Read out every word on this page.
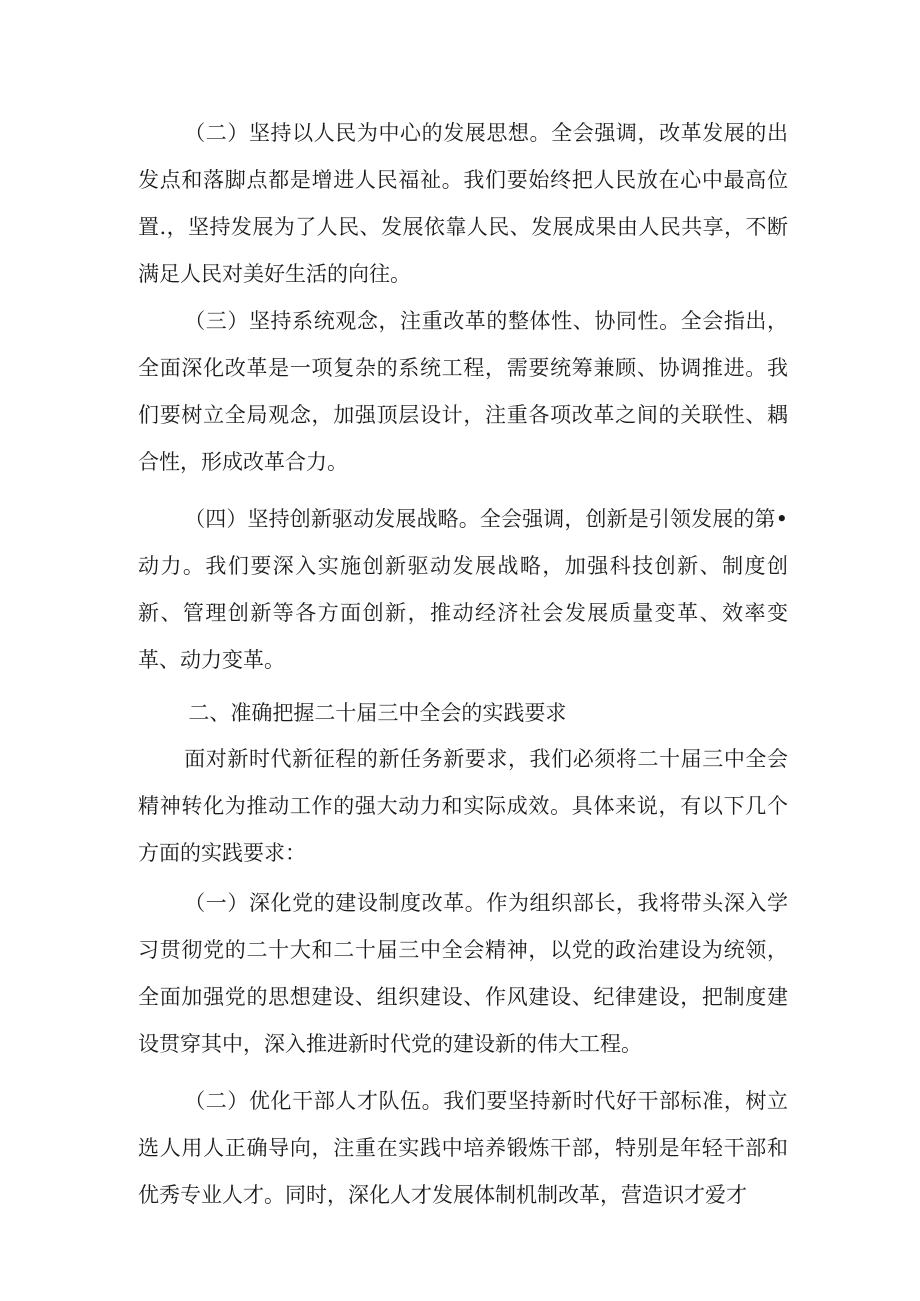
（二）坚持以人民为中心的发展思想。全会强调，改革发展的出发点和落脚点都是增进人民福祉。我们要始终把人民放在心中最高位置.，坚持发展为了人民、发展依靠人民、发展成果由人民共享，不断满足人民对美好生活的向往。

（三）坚持系统观念，注重改革的整体性、协同性。全会指出，全面深化改革是一项复杂的系统工程，需要统筹兼顾、协调推进。我们要树立全局观念，加强顶层设计，注重各项改革之间的关联性、耦合性，形成改革合力。

（四）坚持创新驱动发展战略。全会强调，创新是引领发展的第•动力。我们要深入实施创新驱动发展战略，加强科技创新、制度创新、管理创新等各方面创新，推动经济社会发展质量变革、效率变革、动力变革。

二、准确把握二十届三中全会的实践要求

面对新时代新征程的新任务新要求，我们必须将二十届三中全会精神转化为推动工作的强大动力和实际成效。具体来说，有以下几个方面的实践要求：

（一）深化党的建设制度改革。作为组织部长，我将带头深入学习贯彻党的二十大和二十届三中全会精神，以党的政治建设为统领，全面加强党的思想建设、组织建设、作风建设、纪律建设，把制度建设贯穿其中，深入推进新时代党的建设新的伟大工程。

（二）优化干部人才队伍。我们要坚持新时代好干部标准，树立选人用人正确导向，注重在实践中培养锻炼干部，特别是年轻干部和优秀专业人才。同时，深化人才发展体制机制改革，营造识才爱才
